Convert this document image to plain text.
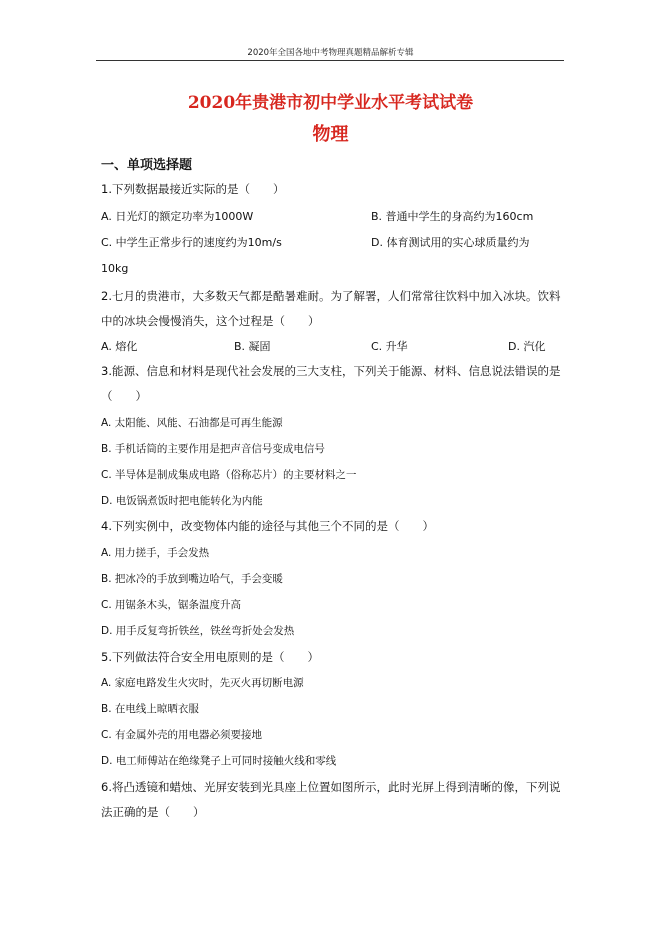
2020年全国各地中考物理真题精品解析专辑
2020年贵港市初中学业水平考试试卷
物理
一、单项选择题
1.下列数据最接近实际的是（　　）
A. 日光灯的额定功率为1000W	B. 普通中学生的身高约为160cm
C. 中学生正常步行的速度约为10m/s	D. 体育测试用的实心球质量约为
10kg
2.七月的贵港市，大多数天气都是酷暑难耐。为了解署，人们常常往饮料中加入冰块。饮料
中的冰块会慢慢消失，这个过程是（　　）
A. 熔化	B. 凝固	C. 升华	D. 汽化
3.能源、信息和材料是现代社会发展的三大支柱，下列关于能源、材料、信息说法错误的是
（　　）
A. 太阳能、风能、石油都是可再生能源
B. 手机话筒的主要作用是把声音信号变成电信号
C. 半导体是制成集成电路（俗称芯片）的主要材料之一
D. 电饭锅煮饭时把电能转化为内能
4.下列实例中，改变物体内能的途径与其他三个不同的是（　　）
A. 用力搓手，手会发热
B. 把冰冷的手放到嘴边哈气，手会变暖
C. 用锯条木头，锯条温度升高
D. 用手反复弯折铁丝，铁丝弯折处会发热
5.下列做法符合安全用电原则的是（　　）
A. 家庭电路发生火灾时，先灭火再切断电源
B. 在电线上晾晒衣服
C. 有金属外壳的用电器必须要接地
D. 电工师傅站在绝缘凳子上可同时接触火线和零线
6.将凸透镜和蜡烛、光屏安装到光具座上位置如图所示，此时光屏上得到清晰的像，下列说
法正确的是（　　）
